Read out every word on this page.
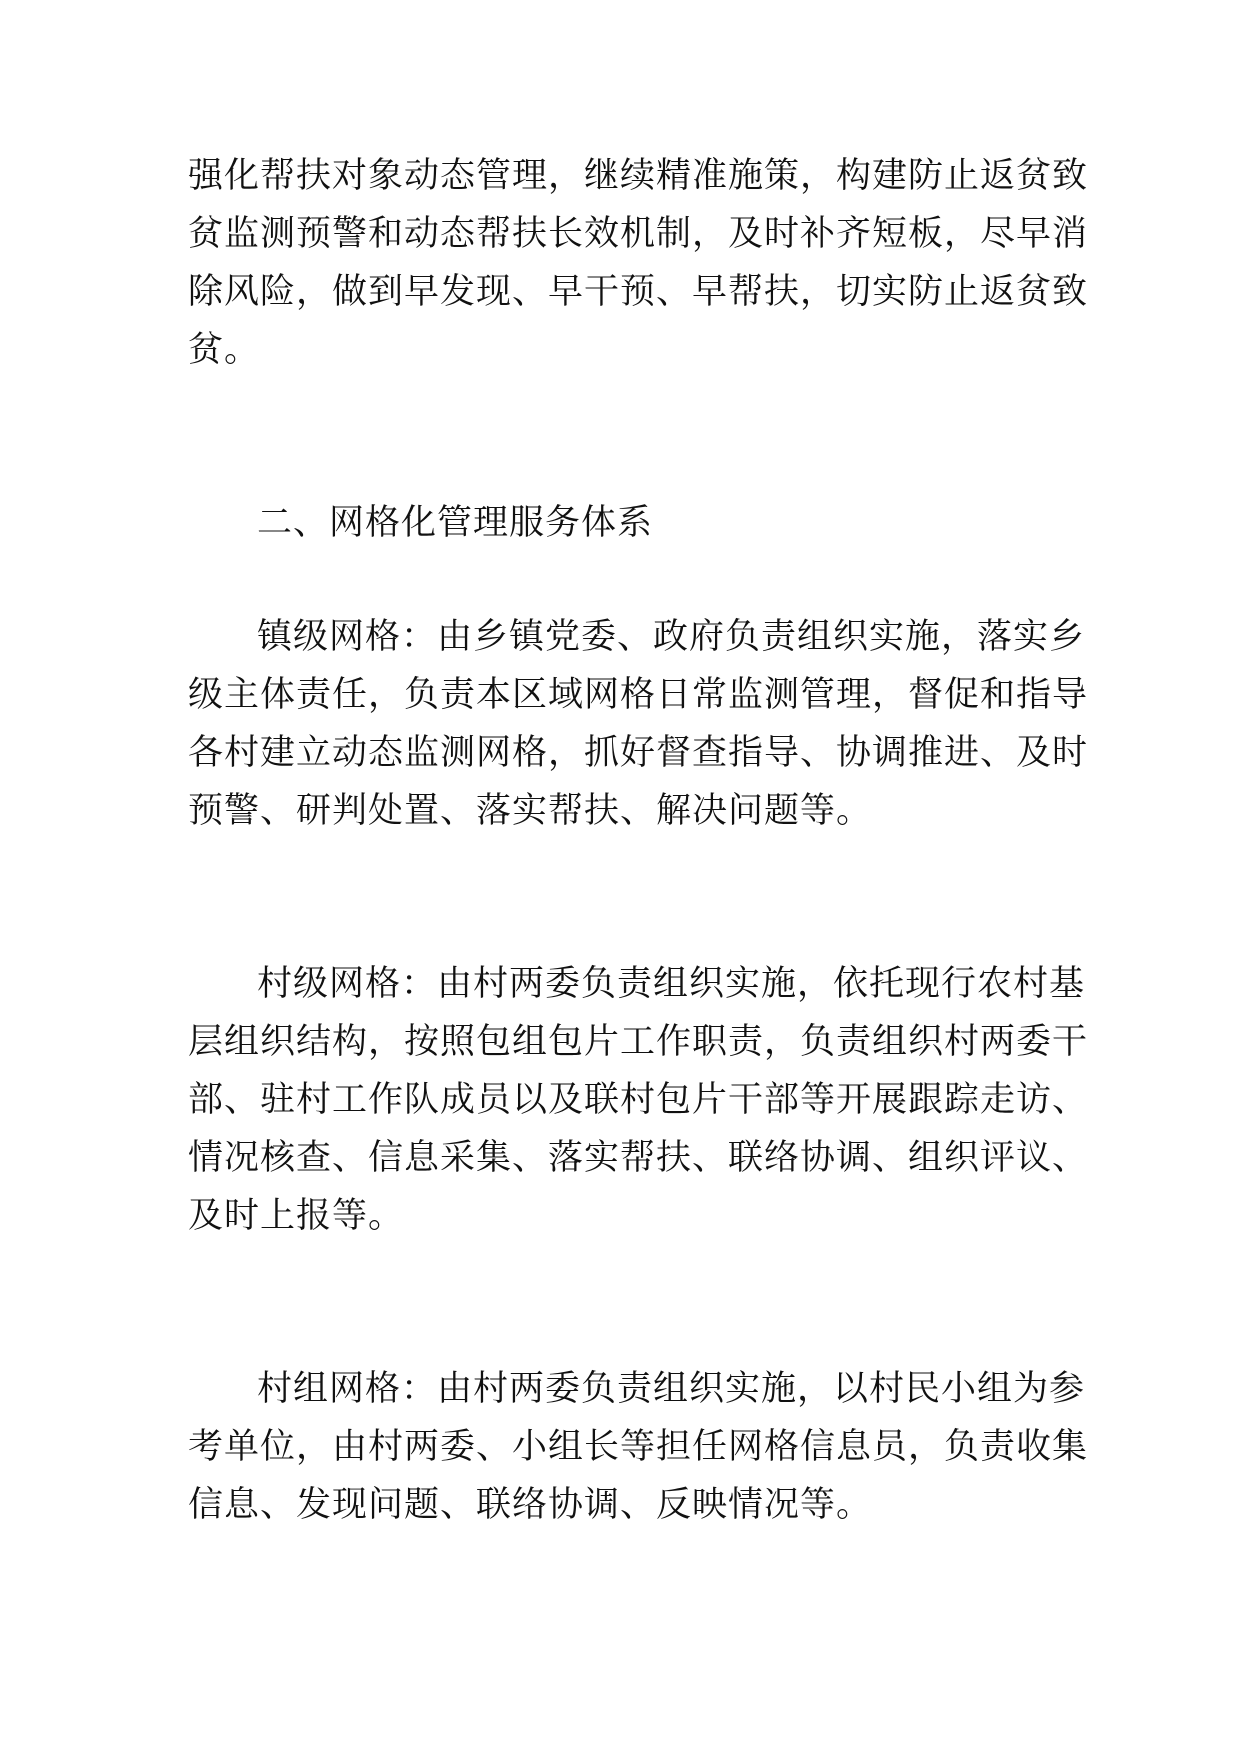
强化帮扶对象动态管理，继续精准施策，构建防止返贫致
贫监测预警和动态帮扶长效机制，及时补齐短板，尽早消
除风险，做到早发现、早干预、早帮扶，切实防止返贫致
贫。
二、网格化管理服务体系
镇级网格：由乡镇党委、政府负责组织实施，落实乡
级主体责任，负责本区域网格日常监测管理，督促和指导
各村建立动态监测网格，抓好督查指导、协调推进、及时
预警、研判处置、落实帮扶、解决问题等。
村级网格：由村两委负责组织实施，依托现行农村基
层组织结构，按照包组包片工作职责，负责组织村两委干
部、驻村工作队成员以及联村包片干部等开展跟踪走访、
情况核查、信息采集、落实帮扶、联络协调、组织评议、
及时上报等。
村组网格：由村两委负责组织实施，以村民小组为参
考单位，由村两委、小组长等担任网格信息员，负责收集
信息、发现问题、联络协调、反映情况等。
